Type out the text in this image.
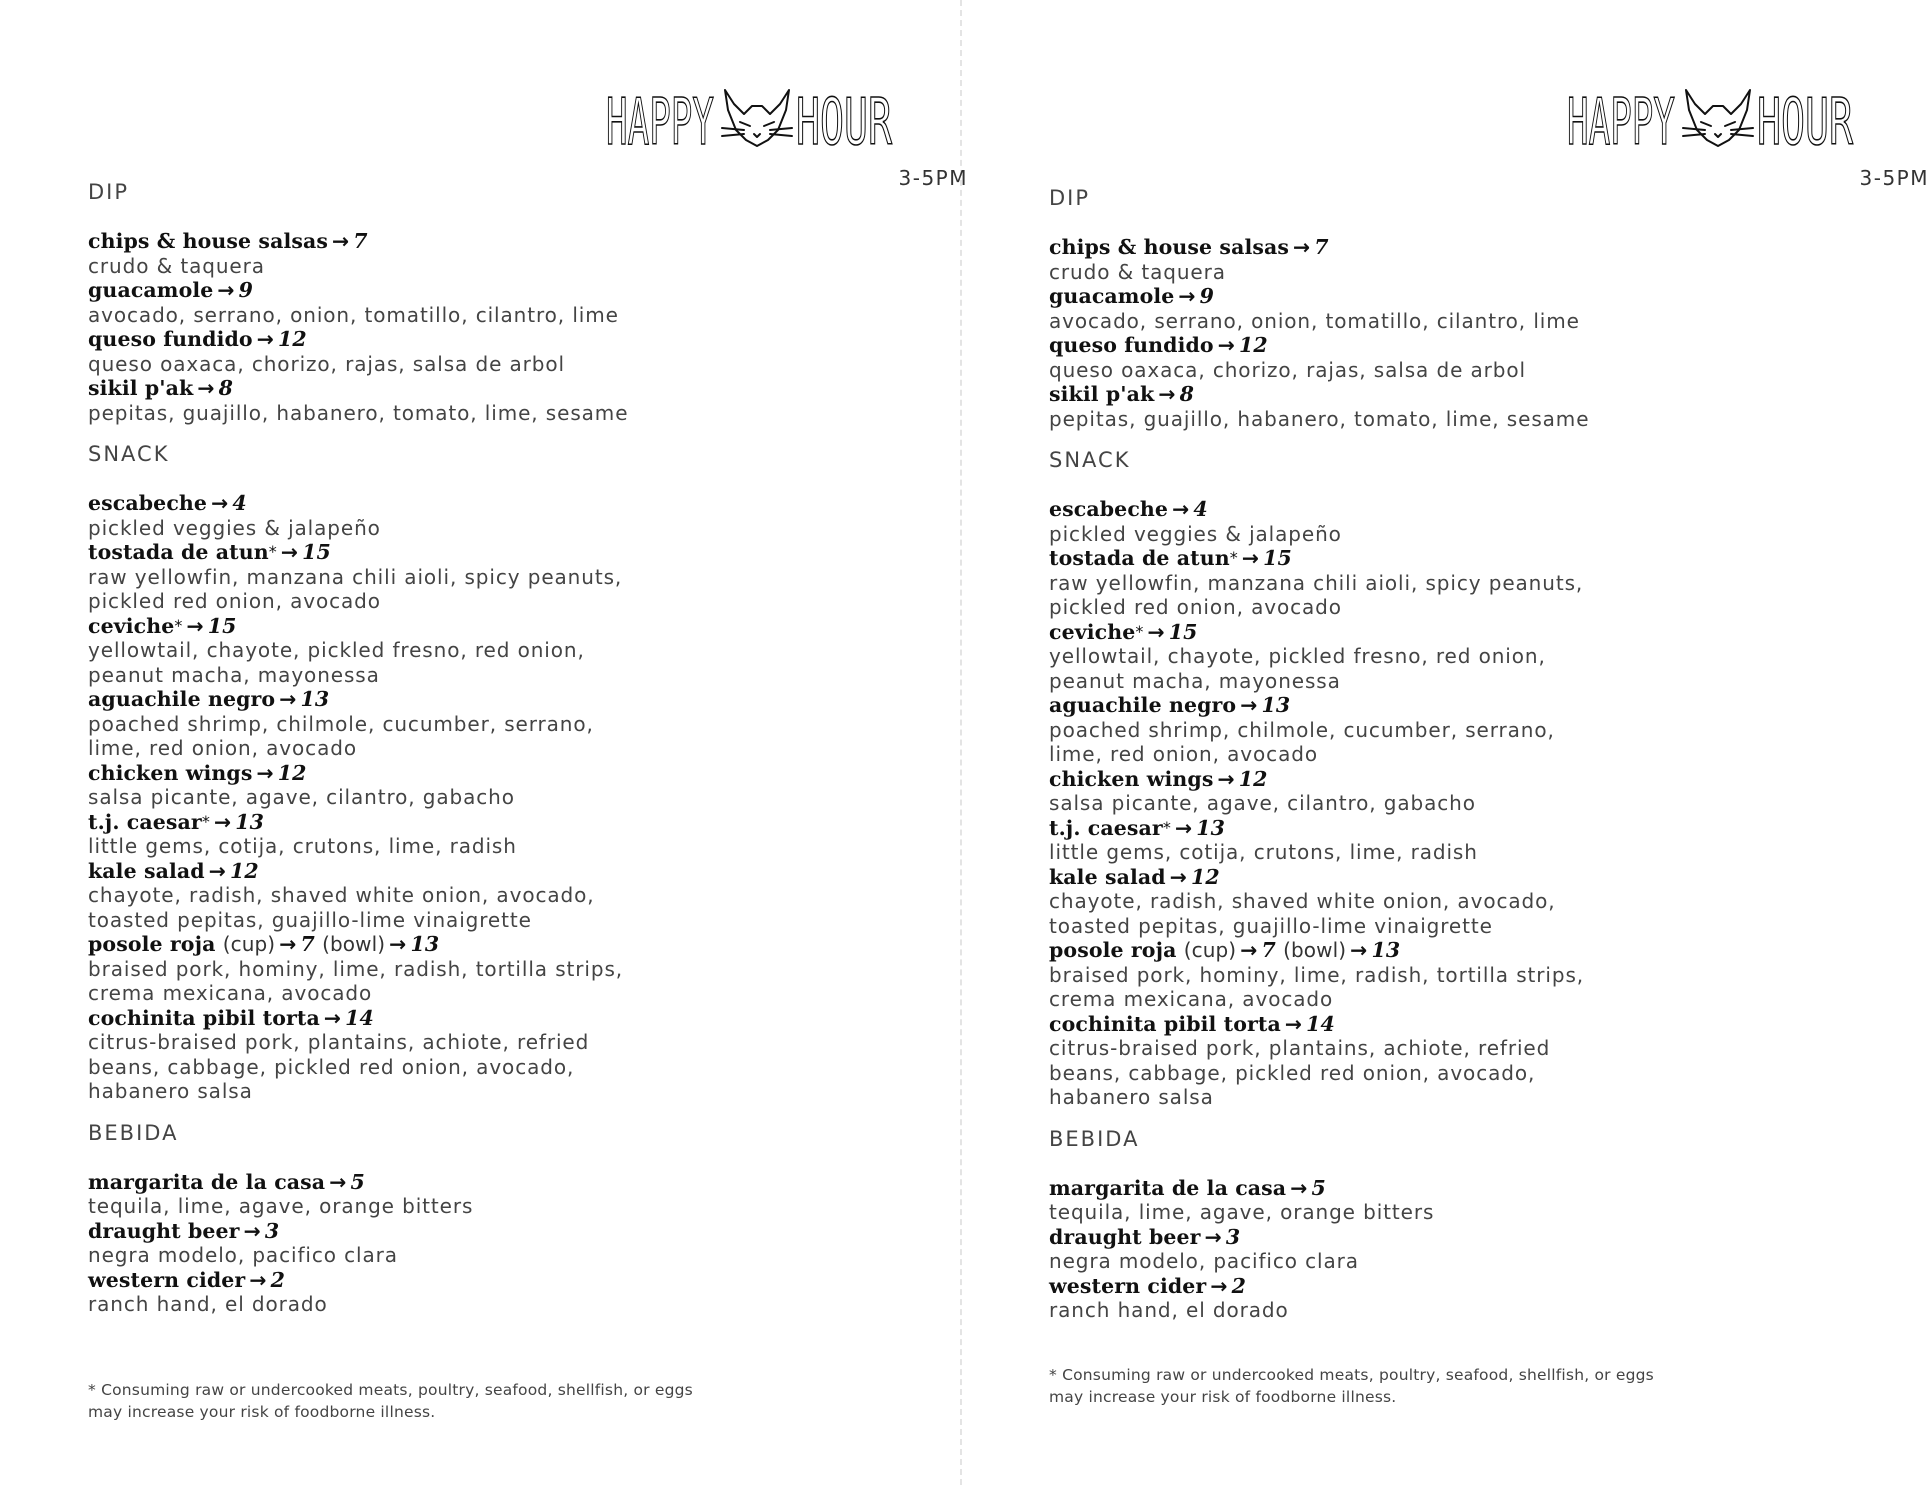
HAPPY HOUR
3-5PM
DIP
chips & house salsas → 7
crudo & taquera
guacamole → 9
avocado, serrano, onion, tomatillo, cilantro, lime
queso fundido → 12
queso oaxaca, chorizo, rajas, salsa de arbol
sikil p'ak → 8
pepitas, guajillo, habanero, tomato, lime, sesame
SNACK
escabeche → 4
pickled veggies & jalapeño
tostada de atun* → 15
raw yellowfin, manzana chili aioli, spicy peanuts,
pickled red onion, avocado
ceviche* → 15
yellowtail, chayote, pickled fresno, red onion,
peanut macha, mayonessa
aguachile negro → 13
poached shrimp, chilmole, cucumber, serrano,
lime, red onion, avocado
chicken wings → 12
salsa picante, agave, cilantro, gabacho
t.j. caesar* → 13
little gems, cotija, crutons, lime, radish
kale salad → 12
chayote, radish, shaved white onion, avocado,
toasted pepitas, guajillo-lime vinaigrette
posole roja (cup) → 7 (bowl) → 13
braised pork, hominy, lime, radish, tortilla strips,
crema mexicana, avocado
cochinita pibil torta → 14
citrus-braised pork, plantains, achiote, refried
beans, cabbage, pickled red onion, avocado,
habanero salsa
BEBIDA
margarita de la casa → 5
tequila, lime, agave, orange bitters
draught beer → 3
negra modelo, pacifico clara
western cider → 2
ranch hand, el dorado
* Consuming raw or undercooked meats, poultry, seafood, shellfish, or eggs
may increase your risk of foodborne illness.
HAPPY HOUR
3-5PM
DIP
chips & house salsas → 7
crudo & taquera
guacamole → 9
avocado, serrano, onion, tomatillo, cilantro, lime
queso fundido → 12
queso oaxaca, chorizo, rajas, salsa de arbol
sikil p'ak → 8
pepitas, guajillo, habanero, tomato, lime, sesame
SNACK
escabeche → 4
pickled veggies & jalapeño
tostada de atun* → 15
raw yellowfin, manzana chili aioli, spicy peanuts,
pickled red onion, avocado
ceviche* → 15
yellowtail, chayote, pickled fresno, red onion,
peanut macha, mayonessa
aguachile negro → 13
poached shrimp, chilmole, cucumber, serrano,
lime, red onion, avocado
chicken wings → 12
salsa picante, agave, cilantro, gabacho
t.j. caesar* → 13
little gems, cotija, crutons, lime, radish
kale salad → 12
chayote, radish, shaved white onion, avocado,
toasted pepitas, guajillo-lime vinaigrette
posole roja (cup) → 7 (bowl) → 13
braised pork, hominy, lime, radish, tortilla strips,
crema mexicana, avocado
cochinita pibil torta → 14
citrus-braised pork, plantains, achiote, refried
beans, cabbage, pickled red onion, avocado,
habanero salsa
BEBIDA
margarita de la casa → 5
tequila, lime, agave, orange bitters
draught beer → 3
negra modelo, pacifico clara
western cider → 2
ranch hand, el dorado
* Consuming raw or undercooked meats, poultry, seafood, shellfish, or eggs
may increase your risk of foodborne illness.
